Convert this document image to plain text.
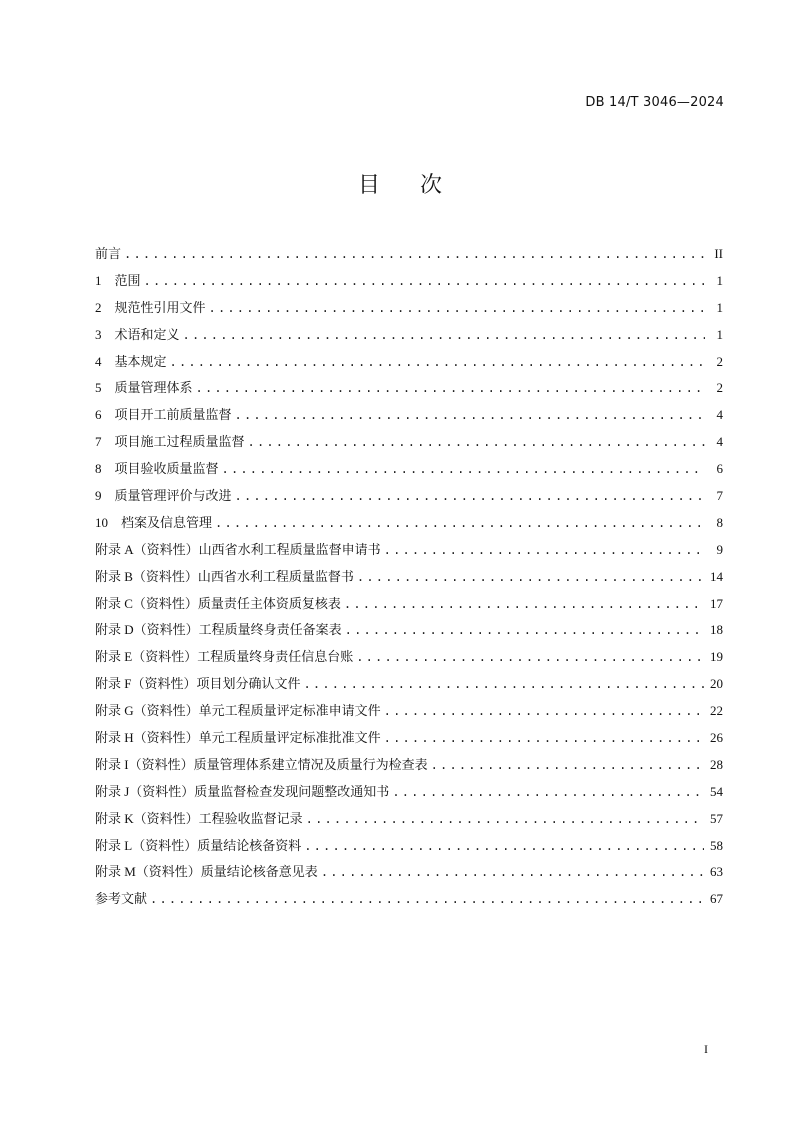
DB 14/T 3046—2024
目次
前言 .....	II
1　范围 .....	1
2　规范性引用文件 .....	1
3　术语和定义 .....	1
4　基本规定 .....	2
5　质量管理体系 .....	2
6　项目开工前质量监督 .....	4
7　项目施工过程质量监督 .....	4
8　项目验收质量监督 .....	6
9　质量管理评价与改进 .....	7
10　档案及信息管理 .....	8
附录 A（资料性）山西省水利工程质量监督申请书 .....	9
附录 B（资料性）山西省水利工程质量监督书 .....	14
附录 C（资料性）质量责任主体资质复核表 .....	17
附录 D（资料性）工程质量终身责任备案表 .....	18
附录 E（资料性）工程质量终身责任信息台账 .....	19
附录 F（资料性）项目划分确认文件 .....	20
附录 G（资料性）单元工程质量评定标准申请文件 .....	22
附录 H（资料性）单元工程质量评定标准批准文件 .....	26
附录 I（资料性）质量管理体系建立情况及质量行为检查表 .....	28
附录 J（资料性）质量监督检查发现问题整改通知书 .....	54
附录 K（资料性）工程验收监督记录 .....	57
附录 L（资料性）质量结论核备资料 .....	58
附录 M（资料性）质量结论核备意见表 .....	63
参考文献 .....	67
I
